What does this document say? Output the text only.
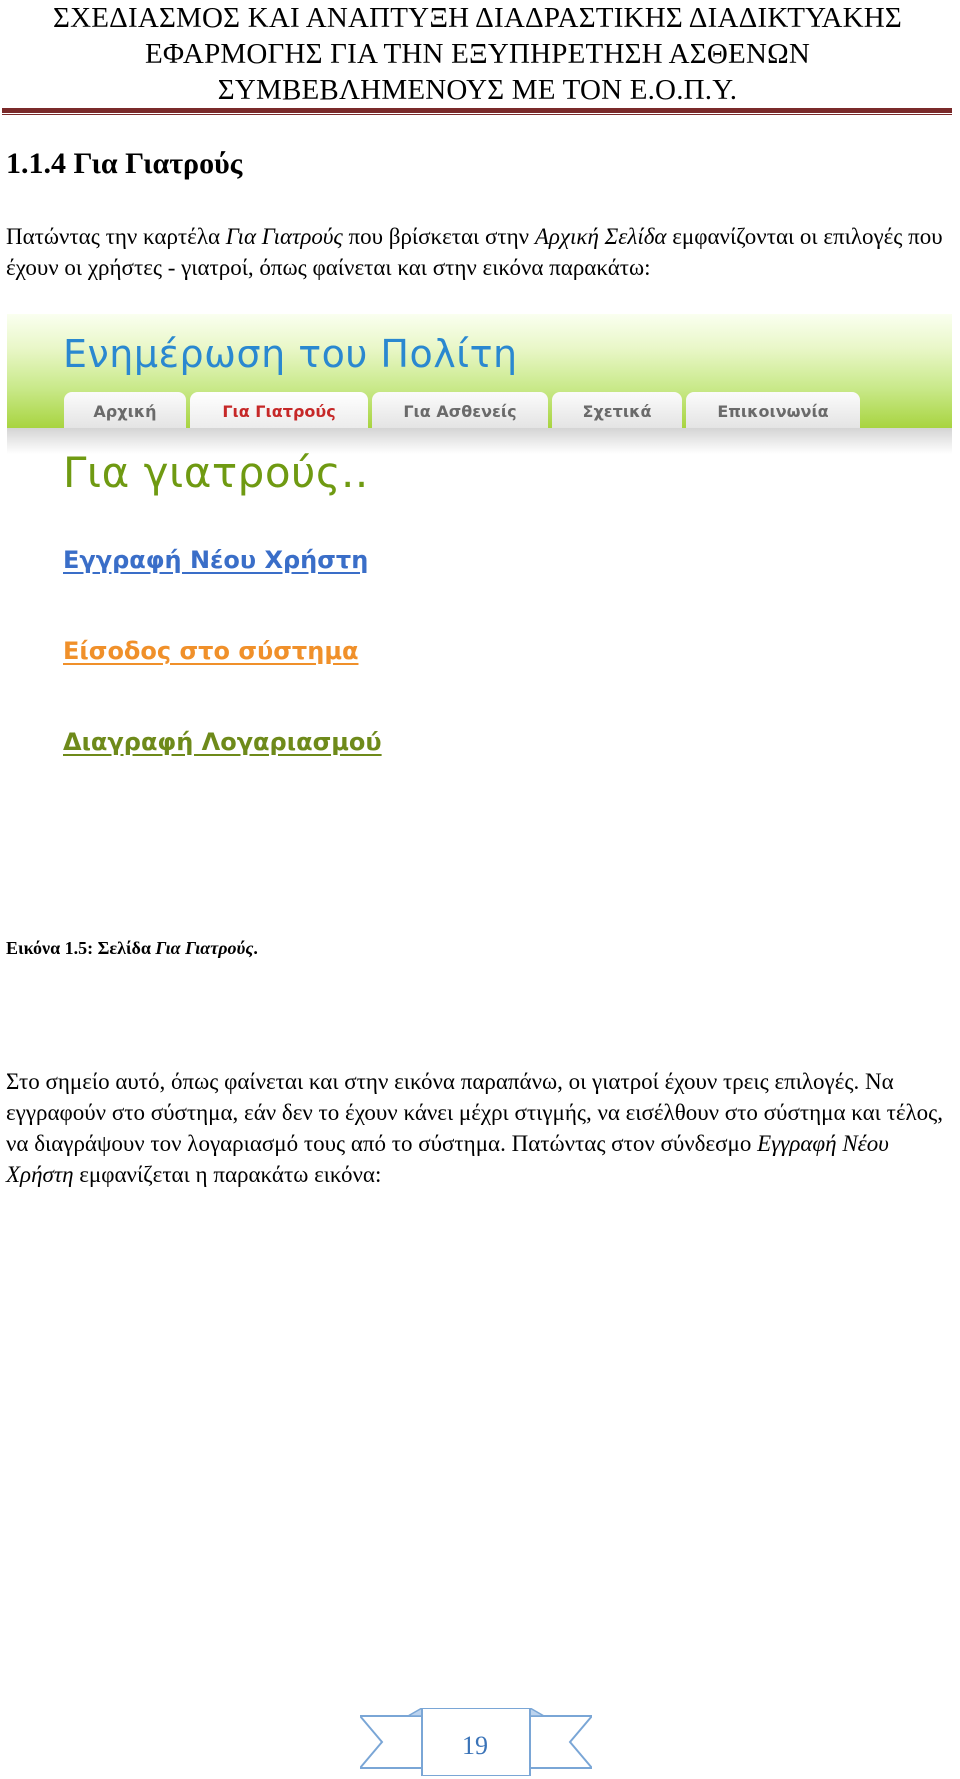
ΣΧΕΔΙΑΣΜΟΣ ΚΑΙ ΑΝΑΠΤΥΞΗ ΔΙΑΔΡΑΣΤΙΚΗΣ ΔΙΑΔΙΚΤΥΑΚΗΣ
ΕΦΑΡΜΟΓΗΣ ΓΙΑ ΤΗΝ ΕΞΥΠΗΡΕΤΗΣΗ ΑΣΘΕΝΩΝ
ΣΥΜΒΕΒΛΗΜΕΝΟΥΣ ΜΕ ΤΟΝ Ε.Ο.Π.Υ.
1.1.4 Για Γιατρούς
Πατώντας την καρτέλα Για Γιατρούς που βρίσκεται στην Αρχική Σελίδα εμφανίζονται οι επιλογές που έχουν οι χρήστες - γιατροί, όπως φαίνεται και στην εικόνα παρακάτω:
Ενημέρωση του Πολίτη
Αρχική	Για Γιατρούς	Για Ασθενείς	Σχετικά	Επικοινωνία
Για γιατρούς..
Εγγραφή Νέου Χρήστη
Είσοδος στο σύστημα
Διαγραφή Λογαριασμού
Εικόνα 1.5: Σελίδα Για Γιατρούς.
Στο σημείο αυτό, όπως φαίνεται και στην εικόνα παραπάνω, οι γιατροί έχουν τρεις επιλογές. Να εγγραφούν στο σύστημα, εάν δεν το έχουν κάνει μέχρι στιγμής, να εισέλθουν στο σύστημα και τέλος, να διαγράψουν τον λογαριασμό τους από το σύστημα. Πατώντας στον σύνδεσμο Εγγραφή Νέου Χρήστη εμφανίζεται η παρακάτω εικόνα:
19
